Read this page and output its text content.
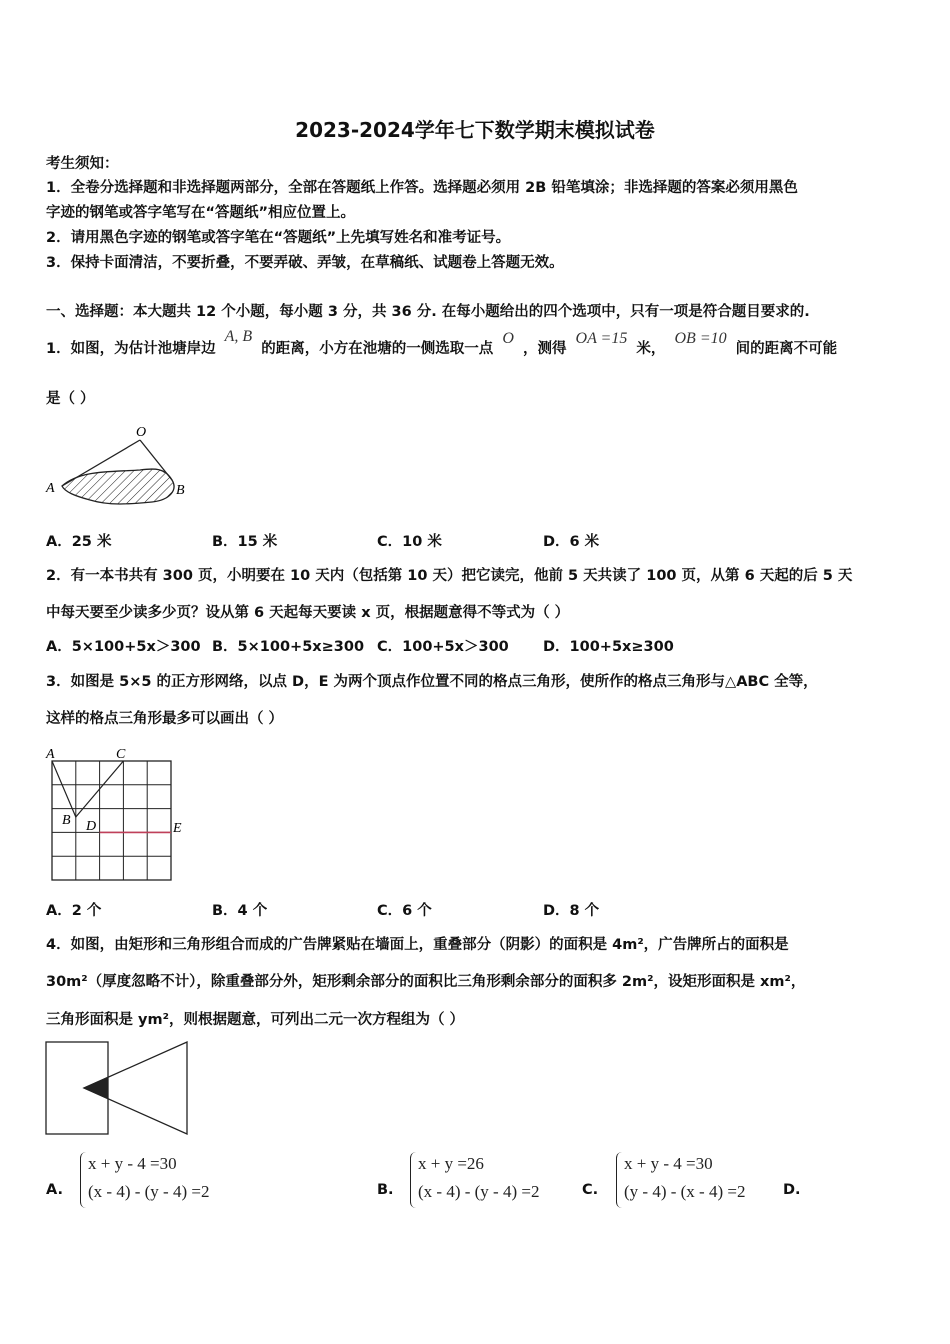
2023-2024学年七下数学期末模拟试卷
考生须知：
1．全卷分选择题和非选择题两部分，全部在答题纸上作答。选择题必须用 2B 铅笔填涂；非选择题的答案必须用黑色
字迹的钢笔或答字笔写在“答题纸”相应位置上。
2．请用黑色字迹的钢笔或答字笔在“答题纸”上先填写姓名和准考证号。
3．保持卡面清洁，不要折叠，不要弄破、弄皱，在草稿纸、试题卷上答题无效。
一、选择题：本大题共 12 个小题，每小题 3 分，共 36 分. 在每小题给出的四个选项中，只有一项是符合题目要求的.
1．如图，为估计池塘岸边 A, B 的距离，小方在池塘的一侧选取一点 O ，测得 OA =15 米， OB =10 间的距离不可能
是（ ）
O
A	B
A．25 米	B．15 米	C．10 米	D．6 米
2．有一本书共有 300 页，小明要在 10 天内（包括第 10 天）把它读完，他前 5 天共读了 100 页，从第 6 天起的后 5 天
中每天要至少读多少页？设从第 6 天起每天要读 x 页，根据题意得不等式为（ ）
A．5×100+5x＞300 B．5×100+5x≥300 C．100+5x＞300 D．100+5x≥300
3．如图是 5×5 的正方形网络，以点 D，E 为两个顶点作位置不同的格点三角形，使所作的格点三角形与△ABC 全等，
这样的格点三角形最多可以画出（ ）
A	C
B D	E
A．2 个	B．4 个	C．6 个	D．8 个
4．如图，由矩形和三角形组合而成的广告牌紧贴在墙面上，重叠部分（阴影）的面积是 4m²，广告牌所占的面积是
30m²（厚度忽略不计），除重叠部分外，矩形剩余部分的面积比三角形剩余部分的面积多 2m²，设矩形面积是 xm²，
三角形面积是 ym²，则根据题意，可列出二元一次方程组为（ ）
A.
x + y - 4 =30
(x - 4) - (y - 4) =2	B.
x + y =26
(x - 4) - (y - 4) =2	C.
x + y - 4 =30
(y - 4) - (x - 4) =2	D.
